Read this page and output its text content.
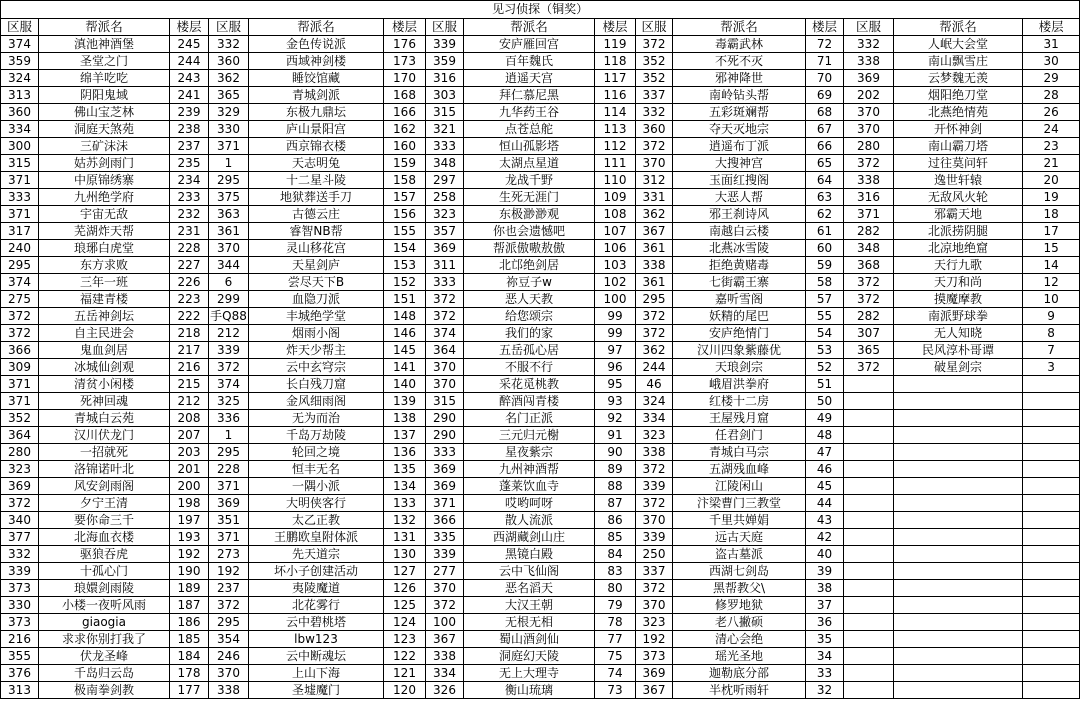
见习侦探（铜奖）														
区服	帮派名	楼层	区服	帮派名	楼层	区服	帮派名	楼层	区服	帮派名	楼层	区服	帮派名	楼层
374	滇池神酒堡	245	332	金色传说派	176	339	安庐雁回宫	119	372	毒霸武林	72	332	人岷大会堂	31
359	圣堂之门	244	360	西域神剑楼	173	359	百年魏氏	118	352	不死不灭	71	338	南山飘雪庄	30
324	绵羊吃吃	243	362	睡饺馆藏	170	316	逍遥天宫	117	352	邪神降世	70	369	云梦魏无羡	29
313	阴阳鬼域	241	365	青城剑派	168	303	拜仁慕尼黑	116	337	南岭钻头帮	69	202	烟阳绝刀堂	28
360	佛山宝芝林	239	329	东极九鼎坛	166	315	九华药王谷	114	332	五彩斑斓帮	68	370	北燕绝情苑	26
334	洞庭天煞苑	238	330	庐山景阳宫	162	321	点苍总舵	113	360	夺天灭地宗	67	370	开怀神剑	24
300	三矿沫沫	237	371	西京锦衣楼	160	333	恒山孤影塔	112	372	逍遥布丁派	66	280	南山霸刀塔	23
315	姑苏剑雨门	235	1	天志明兔	159	348	太湖点星道	111	370	大搜神宫	65	372	过往莫问轩	21
371	中原锦绣寨	234	295	十二星斗陵	158	297	龙战千野	110	312	玉面红搜阁	64	338	逸世轩辕	20
333	九州绝学府	233	375	地狱葬送手刀	157	258	生死无涯门	109	331	大恶人帮	63	316	无敌风火轮	19
371	宇宙无敌	232	363	古德云庄	156	323	东极渺渺观	108	362	邪王刹诗风	62	371	邪霸天地	18
317	芜湖炸天帮	231	361	睿智NB帮	155	357	你也会遗憾吧	107	367	南越白云楼	61	282	北派捞阴腿	17
240	琅琊白虎堂	228	370	灵山移花宫	154	369	帮派傲嗷敖傲	106	361	北燕冰雪陵	60	348	北凉地绝窟	15
295	东方求败	227	344	天星剑庐	153	311	北邙绝剑居	103	338	拒绝黄赌毒	59	368	天行九歌	14
374	三年一班	226	6	尝尽天下B	152	333	祢豆子w	102	361	七街霸王寨	58	372	天刀和尚	12
275	福建青楼	223	299	血隐刀派	151	372	恶人天教	100	295	嘉听雪阁	57	372	摸魔摩教	10
372	五岳神剑坛	222	手Q88	丰城绝学堂	148	372	给您颂宗	99	372	妖精的尾巴	55	282	南派野球拳	9
372	自主民进会	218	212	烟雨小阁	146	374	我们的家	99	372	安庐绝情门	54	307	无人知晓	8
366	鬼血剑居	217	339	炸天少帮主	145	364	五岳孤心居	97	362	汉川四象紫藤优	53	365	民风淳朴哥谭	7
309	冰城仙剑观	216	372	云中玄穹宗	141	370	不服不行	96	244	天琅剑宗	52	372	破星剑宗	3
371	清贫小闲楼	215	374	长白残刀窟	140	370	采花觅桃教	95	46	峨眉洪拳府	51			
371	死神回魂	212	325	金风细雨阁	139	315	醉酒闯青楼	93	324	红楼十二房	50			
352	青城白云苑	208	336	无为而治	138	290	名门正派	92	334	王屋残月窟	49			
364	汉川伏龙门	207	1	千岛万劫陵	137	290	三元归元榭	91	323	任君剑门	48			
280	一招就死	203	295	轮回之境	136	333	星夜紫宗	90	338	青城白马宗	47			
323	洛锦诺叶北	201	228	恒丰无名	135	369	九州神酒帮	89	372	五湖残血峰	46			
369	风安剑雨阁	200	371	一隅小派	134	369	蓬莱饮血寺	88	339	江陵闲山	45			
372	夕宁王清	198	369	大明侠客行	133	371	哎哟呵呀	87	372	汴梁曹门三教堂	44			
340	要你命三千	197	351	太乙正教	132	366	散人流派	86	370	千里共婵娟	43			
377	北海血衣楼	193	371	王鹏欧皇附体派	131	335	西湖藏剑山庄	85	339	远古天庭	42			
332	驱狼吞虎	192	273	先天道宗	130	339	黑镜白殿	84	250	盗古墓派	40			
339	十孤心门	190	192	坏小子创建活动	127	277	云中飞仙阁	83	337	西湖七剑岛	39			
373	琅嬛剑雨陵	189	237	夷陵魔道	126	370	恶名滔天	80	372	黑帮教父\	38			
330	小楼一夜听风雨	187	372	北花雾行	125	372	大汉王朝	79	370	修罗地狱	37			
373	giaogia	186	295	云中碧桃塔	124	100	无根无相	78	323	老八撇硕	36			
216	求求你别打我了	185	354	lbw123	123	367	蜀山酒剑仙	77	192	清心会绝	35			
355	伏龙圣峰	184	246	云中断魂坛	122	338	洞庭幻天陵	75	373	瑶光圣地	34			
376	千岛归云岛	178	370	上山下海	121	334	无上大理寺	74	369	迦勒底分部	33			
313	极南拳剑教	177	338	圣墟魔门	120	326	衡山琉璃	73	367	半枕听雨轩	32			
